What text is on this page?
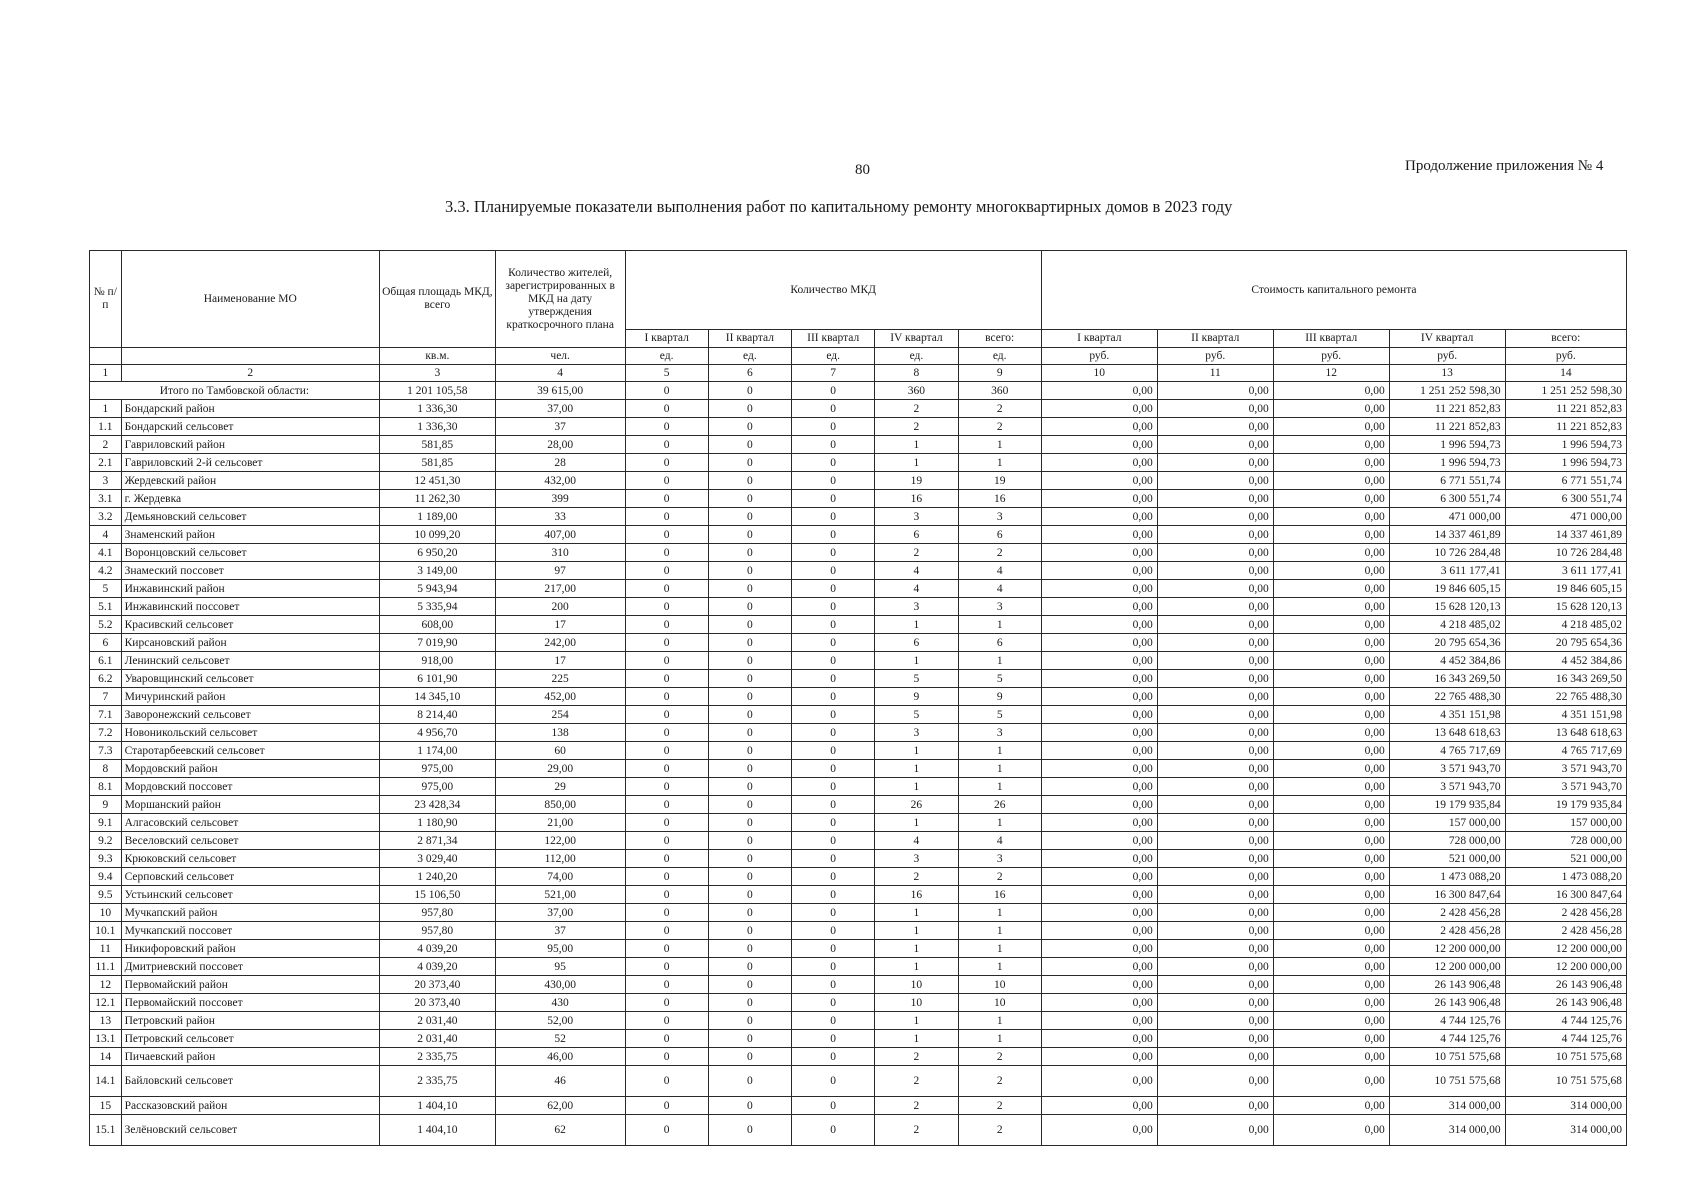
80	Продолжение приложения № 4
3.3. Планируемые показатели выполнения работ по капитальному ремонту многоквартирных домов в 2023 году
№ п/п	Наименование МО	Общая площадь МКД, всего	Количество жителей, зарегистрированных в МКД на дату утверждения краткосрочного плана	Количество МКД					Стоимость капитального ремонта				
				I квартал	II квартал	III квартал	IV квартал	всего:	I квартал	II квартал	III квартал	IV квартал	всего:
		кв.м.	чел.	ед.	ед.	ед.	ед.	ед.	руб.	руб.	руб.	руб.	руб.
1	2	3	4	5	6	7	8	9	10	11	12	13	14
Итого по Тамбовской области:		1 201 105,58	39 615,00	0	0	0	360	360	0,00	0,00	0,00	1 251 252 598,30	1 251 252 598,30
1	Бондарский район	1 336,30	37,00	0	0	0	2	2	0,00	0,00	0,00	11 221 852,83	11 221 852,83
1.1	Бондарский сельсовет	1 336,30	37	0	0	0	2	2	0,00	0,00	0,00	11 221 852,83	11 221 852,83
2	Гавриловский район	581,85	28,00	0	0	0	1	1	0,00	0,00	0,00	1 996 594,73	1 996 594,73
2.1	Гавриловский 2-й сельсовет	581,85	28	0	0	0	1	1	0,00	0,00	0,00	1 996 594,73	1 996 594,73
3	Жердевский район	12 451,30	432,00	0	0	0	19	19	0,00	0,00	0,00	6 771 551,74	6 771 551,74
3.1	г. Жердевка	11 262,30	399	0	0	0	16	16	0,00	0,00	0,00	6 300 551,74	6 300 551,74
3.2	Демьяновский сельсовет	1 189,00	33	0	0	0	3	3	0,00	0,00	0,00	471 000,00	471 000,00
4	Знаменский район	10 099,20	407,00	0	0	0	6	6	0,00	0,00	0,00	14 337 461,89	14 337 461,89
4.1	Воронцовский сельсовет	6 950,20	310	0	0	0	2	2	0,00	0,00	0,00	10 726 284,48	10 726 284,48
4.2	Знамеский поссовет	3 149,00	97	0	0	0	4	4	0,00	0,00	0,00	3 611 177,41	3 611 177,41
5	Инжавинский район	5 943,94	217,00	0	0	0	4	4	0,00	0,00	0,00	19 846 605,15	19 846 605,15
5.1	Инжавинский поссовет	5 335,94	200	0	0	0	3	3	0,00	0,00	0,00	15 628 120,13	15 628 120,13
5.2	Красивский сельсовет	608,00	17	0	0	0	1	1	0,00	0,00	0,00	4 218 485,02	4 218 485,02
6	Кирсановский район	7 019,90	242,00	0	0	0	6	6	0,00	0,00	0,00	20 795 654,36	20 795 654,36
6.1	Ленинский сельсовет	918,00	17	0	0	0	1	1	0,00	0,00	0,00	4 452 384,86	4 452 384,86
6.2	Уваровщинский сельсовет	6 101,90	225	0	0	0	5	5	0,00	0,00	0,00	16 343 269,50	16 343 269,50
7	Мичуринский район	14 345,10	452,00	0	0	0	9	9	0,00	0,00	0,00	22 765 488,30	22 765 488,30
7.1	Заворонежский сельсовет	8 214,40	254	0	0	0	5	5	0,00	0,00	0,00	4 351 151,98	4 351 151,98
7.2	Новоникольский сельсовет	4 956,70	138	0	0	0	3	3	0,00	0,00	0,00	13 648 618,63	13 648 618,63
7.3	Старотарбеевский сельсовет	1 174,00	60	0	0	0	1	1	0,00	0,00	0,00	4 765 717,69	4 765 717,69
8	Мордовский район	975,00	29,00	0	0	0	1	1	0,00	0,00	0,00	3 571 943,70	3 571 943,70
8.1	Мордовский поссовет	975,00	29	0	0	0	1	1	0,00	0,00	0,00	3 571 943,70	3 571 943,70
9	Моршанский район	23 428,34	850,00	0	0	0	26	26	0,00	0,00	0,00	19 179 935,84	19 179 935,84
9.1	Алгасовский сельсовет	1 180,90	21,00	0	0	0	1	1	0,00	0,00	0,00	157 000,00	157 000,00
9.2	Веселовский сельсовет	2 871,34	122,00	0	0	0	4	4	0,00	0,00	0,00	728 000,00	728 000,00
9.3	Крюковский сельсовет	3 029,40	112,00	0	0	0	3	3	0,00	0,00	0,00	521 000,00	521 000,00
9.4	Серповский сельсовет	1 240,20	74,00	0	0	0	2	2	0,00	0,00	0,00	1 473 088,20	1 473 088,20
9.5	Устьинский сельсовет	15 106,50	521,00	0	0	0	16	16	0,00	0,00	0,00	16 300 847,64	16 300 847,64
10	Мучкапский район	957,80	37,00	0	0	0	1	1	0,00	0,00	0,00	2 428 456,28	2 428 456,28
10.1	Мучкапский поссовет	957,80	37	0	0	0	1	1	0,00	0,00	0,00	2 428 456,28	2 428 456,28
11	Никифоровский район	4 039,20	95,00	0	0	0	1	1	0,00	0,00	0,00	12 200 000,00	12 200 000,00
11.1	Дмитриевский поссовет	4 039,20	95	0	0	0	1	1	0,00	0,00	0,00	12 200 000,00	12 200 000,00
12	Первомайский район	20 373,40	430,00	0	0	0	10	10	0,00	0,00	0,00	26 143 906,48	26 143 906,48
12.1	Первомайский поссовет	20 373,40	430	0	0	0	10	10	0,00	0,00	0,00	26 143 906,48	26 143 906,48
13	Петровский район	2 031,40	52,00	0	0	0	1	1	0,00	0,00	0,00	4 744 125,76	4 744 125,76
13.1	Петровский сельсовет	2 031,40	52	0	0	0	1	1	0,00	0,00	0,00	4 744 125,76	4 744 125,76
14	Пичаевский район	2 335,75	46,00	0	0	0	2	2	0,00	0,00	0,00	10 751 575,68	10 751 575,68
14.1	Байловский сельсовет	2 335,75	46	0	0	0	2	2	0,00	0,00	0,00	10 751 575,68	10 751 575,68
15	Рассказовский район	1 404,10	62,00	0	0	0	2	2	0,00	0,00	0,00	314 000,00	314 000,00
15.1	Зелёновский сельсовет	1 404,10	62	0	0	0	2	2	0,00	0,00	0,00	314 000,00	314 000,00
